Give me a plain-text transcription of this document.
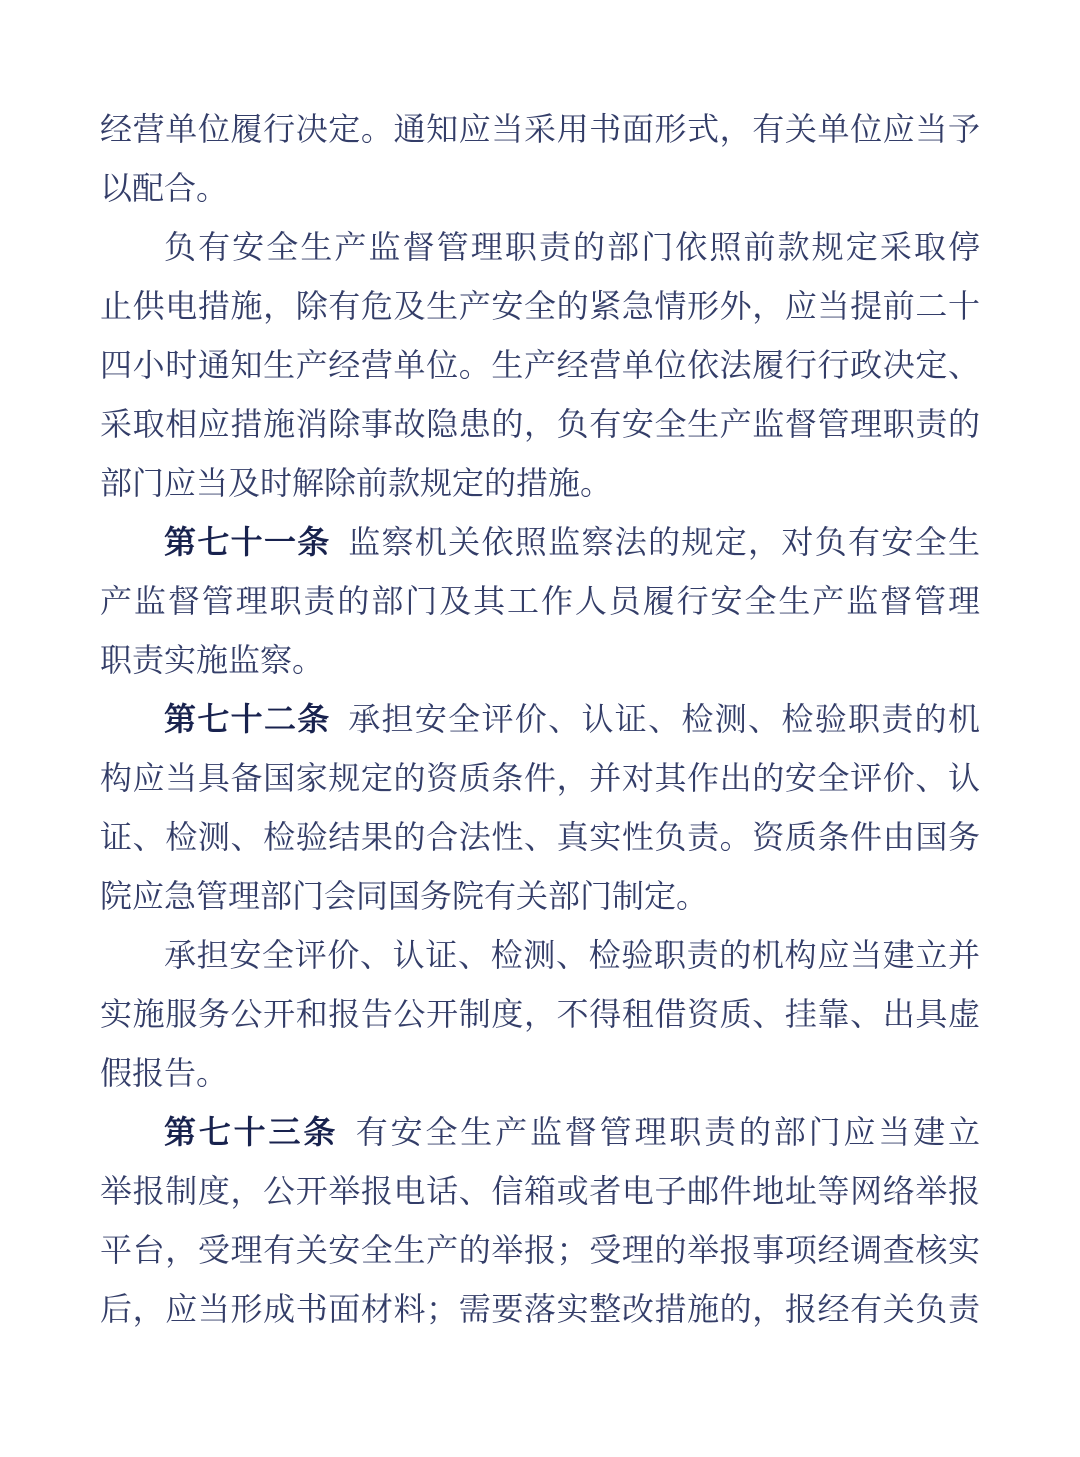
经营单位履行决定。通知应当采用书面形式，有关单位应当予
以配合。
负有安全生产监督管理职责的部门依照前款规定采取停
止供电措施，除有危及生产安全的紧急情形外，应当提前二十
四小时通知生产经营单位。生产经营单位依法履行行政决定、
采取相应措施消除事故隐患的，负有安全生产监督管理职责的
部门应当及时解除前款规定的措施。
第七十一条 监察机关依照监察法的规定，对负有安全生
产监督管理职责的部门及其工作人员履行安全生产监督管理
职责实施监察。
第七十二条 承担安全评价、认证、检测、检验职责的机
构应当具备国家规定的资质条件，并对其作出的安全评价、认
证、检测、检验结果的合法性、真实性负责。资质条件由国务
院应急管理部门会同国务院有关部门制定。
承担安全评价、认证、检测、检验职责的机构应当建立并
实施服务公开和报告公开制度，不得租借资质、挂靠、出具虚
假报告。
第七十三条 有安全生产监督管理职责的部门应当建立
举报制度，公开举报电话、信箱或者电子邮件地址等网络举报
平台，受理有关安全生产的举报；受理的举报事项经调查核实
后，应当形成书面材料；需要落实整改措施的，报经有关负责
